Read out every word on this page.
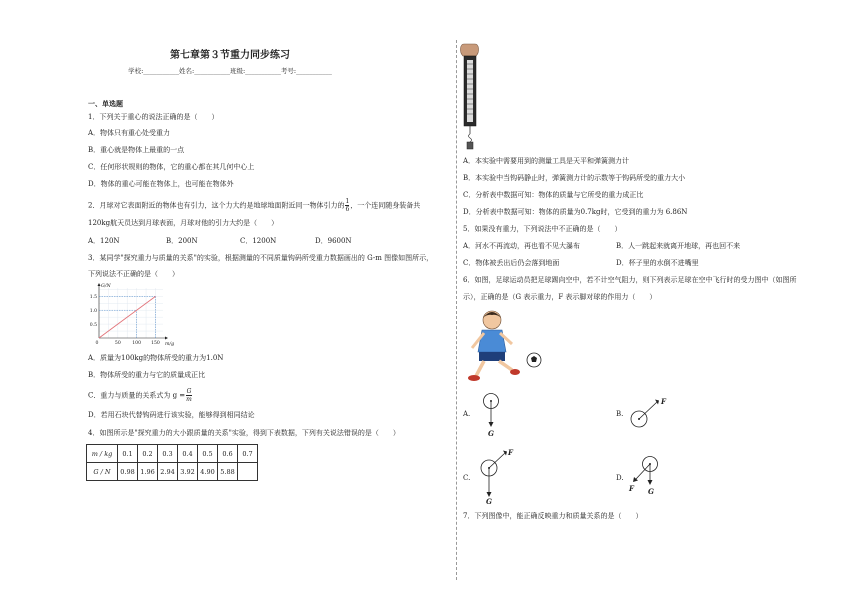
第七章第３节重力同步练习
学校:___________姓名:___________班级:___________考号:___________
一、单选题
1．下列关于重心的说法正确的是（　　）
A．物体只有重心处受重力
B．重心就是物体上最重的一点
C．任何形状规则的物体，它的重心都在其几何中心上
D．物体的重心可能在物体上，也可能在物体外
2．月球对它表面附近的物体也有引力，这个力大约是地球地面附近同一物体引力的 $\frac{1}{6}$ ，一个连同随身装备共
120kg航天员达到月球表面，月球对他的引力大约是（　　）
A．120N	B．200N	C．1200N	D．9600N
3．某同学"探究重力与质量的关系"的实验，根据测量的不同质量钩码所受重力数据画出的 G-m 图像如图所示，
下列说法不正确的是（　　）
0.5
1.0
1.5
0	50	100 150
G/N
m/g
A．质量为100kg的物体所受的重力为1.0N
B．物体所受的重力与它的质量成正比
C．重力与质量的关系式为 $g = \frac{G}{m}$
D．若用石块代替钩码进行该实验，能够得到相同结论
4．如图所示是"探究重力的大小跟质量的关系"实验，得到下表数据，下列有关说法错误的是（　　）
m / kg	0.1	0.2	0.3	0.4	0.5	0.6	0.7
G / N	0.98	1.96	2.94	3.92	4.90	5.88	
A．本实验中需要用到的测量工具是天平和弹簧测力计
B．本实验中当钩码静止时，弹簧测力计的示数等于钩码所受的重力大小
C．分析表中数据可知：物体的质量与它所受的重力成正比
D．分析表中数据可知：物体的质量为0.7kg时，它受到的重力为 6.86N
5．如果没有重力，下列说法中不正确的是（　　）
A．河水不再流动，再也看不见大瀑布	B．人一跳起来就离开地球，再也回不来
C．物体被丢出后仍会落到地面	D．杯子里的水倒不进嘴里
6．如图，足球运动员把足球踢向空中，若不计空气阻力，则下列表示足球在空中飞行时的受力图中（如图所
示），正确的是（G 表示重力，F 表示脚对球的作用力（　　）
A.
G
B.
F
C.
F
G
D.
G
F
7．下列图像中，能正确反映重力和质量关系的是（　　）
